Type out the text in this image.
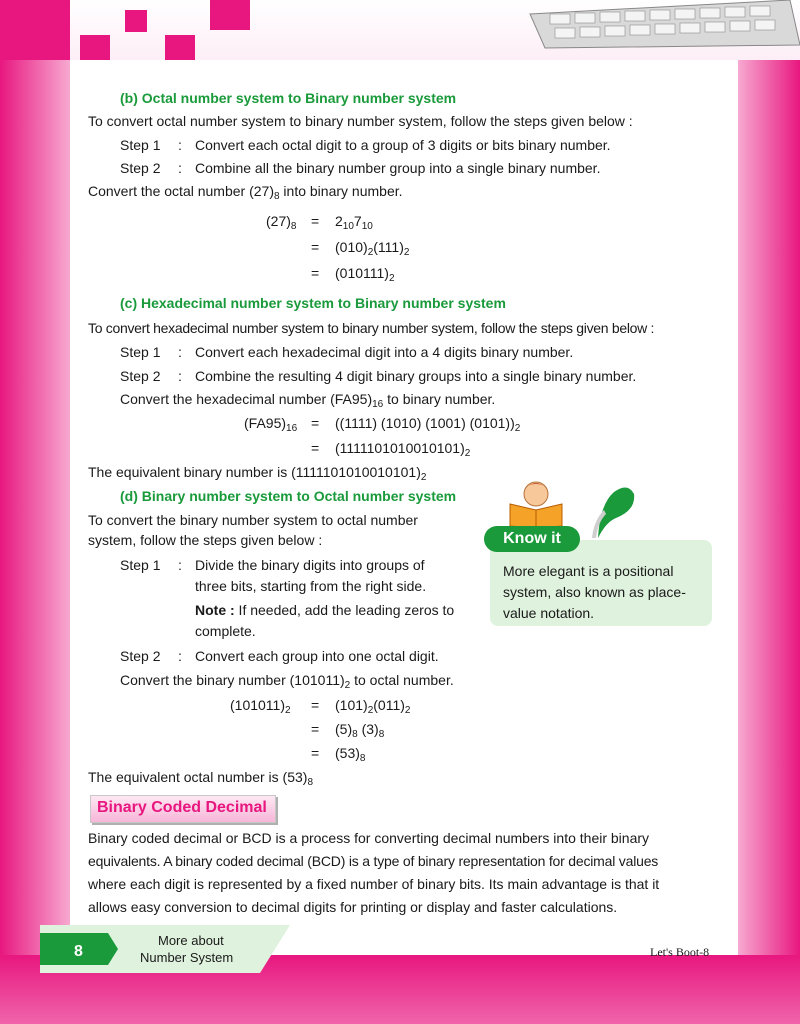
(b) Octal number system to Binary number system
To convert octal number system to binary number system, follow the steps given below :
Step 1 : Convert each octal digit to a group of 3 digits or bits binary number.
Step 2 : Combine all the binary number group into a single binary number.
Convert the octal number $(27)_8$ into binary number.
$(27)_8 = 2_{10}7_{10}$
= $(010)_2(111)_2$
= $(010111)_2$
(c) Hexadecimal number system to Binary number system
To convert hexadecimal number system to binary number system, follow the steps given below :
Step 1 : Convert each hexadecimal digit into a 4 digits binary number.
Step 2 : Combine the resulting 4 digit binary groups into a single binary number.
Convert the hexadecimal number $(FA95)_{16}$ to binary number.
$(FA95)_{16} = ((1111)$ (1010) (1001) $(0101))_2$
= $(1111101010010101)_2$
The equivalent binary number is $(1111101010010101)_2$
(d) Binary number system to Octal number system
To convert the binary number system to octal number
system, follow the steps given below :
Step 1 : Divide the binary digits into groups of
three bits, starting from the right side.
Note : If needed, add the leading zeros to
complete.
Step 2 : Convert each group into one octal digit.
Convert the binary number $(101011)_2$ to octal number.
$(101011)_2 = (101)_2(011)_2$
= $(5)_8$ $(3)_8$
= $(53)_8$
The equivalent octal number is $(53)_8$
Know it
More elegant is a positional
system, also known as place-
value notation.
Binary Coded Decimal
Binary coded decimal or BCD is a process for converting decimal numbers into their binary
equivalents. A binary coded decimal (BCD) is a type of binary representation for decimal values
where each digit is represented by a fixed number of binary bits. Its main advantage is that it
allows easy conversion to decimal digits for printing or display and faster calculations.
8
More about
Number System	Let's Boot-8
